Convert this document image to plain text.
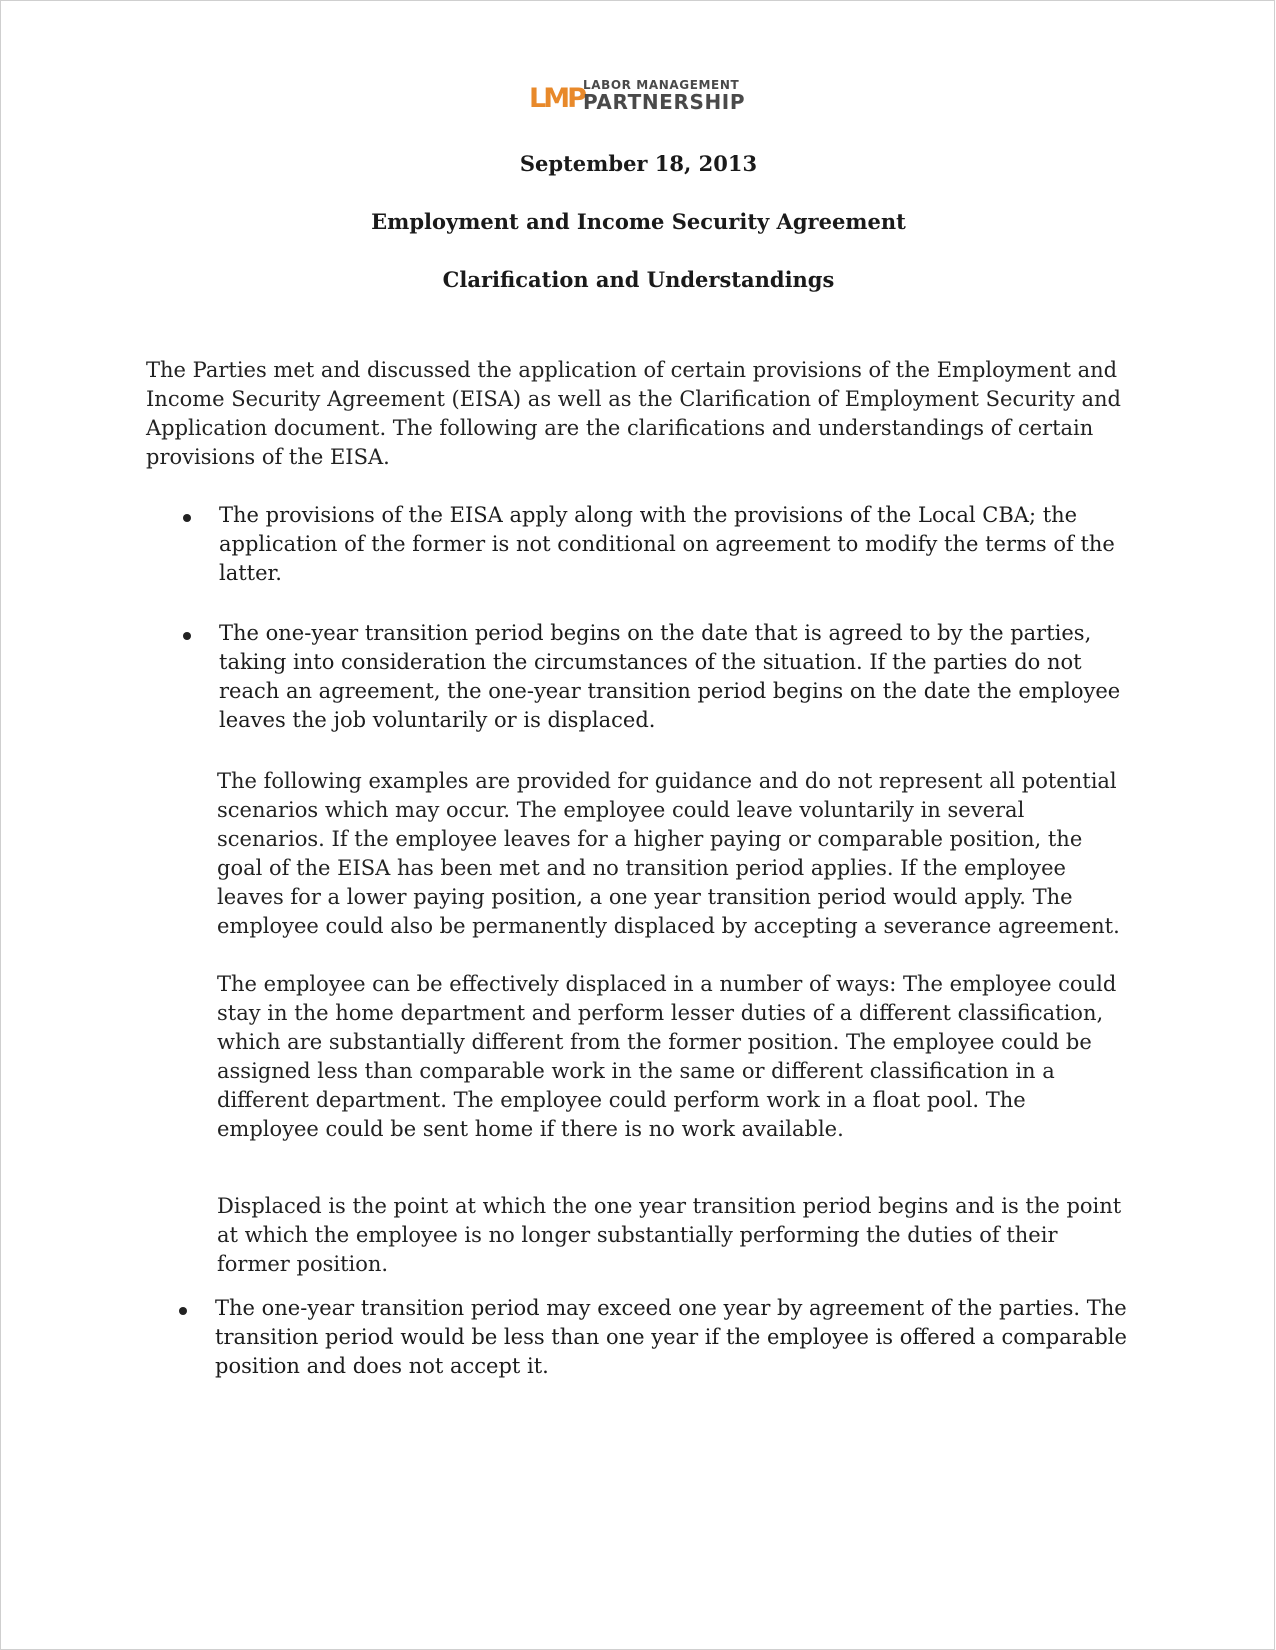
LMP LABOR MANAGEMENT
PARTNERSHIP
September 18, 2013
Employment and Income Security Agreement
Clarification and Understandings

The Parties met and discussed the application of certain provisions of the Employment and Income Security Agreement (EISA) as well as the Clarification of Employment Security and Application document. The following are the clarifications and understandings of certain provisions of the EISA.

The provisions of the EISA apply along with the provisions of the Local CBA; the application of the former is not conditional on agreement to modify the terms of the latter.

The one-year transition period begins on the date that is agreed to by the parties, taking into consideration the circumstances of the situation. If the parties do not reach an agreement, the one-year transition period begins on the date the employee leaves the job voluntarily or is displaced.

The following examples are provided for guidance and do not represent all potential scenarios which may occur. The employee could leave voluntarily in several scenarios. If the employee leaves for a higher paying or comparable position, the goal of the EISA has been met and no transition period applies. If the employee leaves for a lower paying position, a one year transition period would apply. The employee could also be permanently displaced by accepting a severance agreement.

The employee can be effectively displaced in a number of ways: The employee could stay in the home department and perform lesser duties of a different classification, which are substantially different from the former position. The employee could be assigned less than comparable work in the same or different classification in a different department. The employee could perform work in a float pool. The employee could be sent home if there is no work available.

Displaced is the point at which the one year transition period begins and is the point at which the employee is no longer substantially performing the duties of their former position.

The one-year transition period may exceed one year by agreement of the parties. The transition period would be less than one year if the employee is offered a comparable position and does not accept it.
